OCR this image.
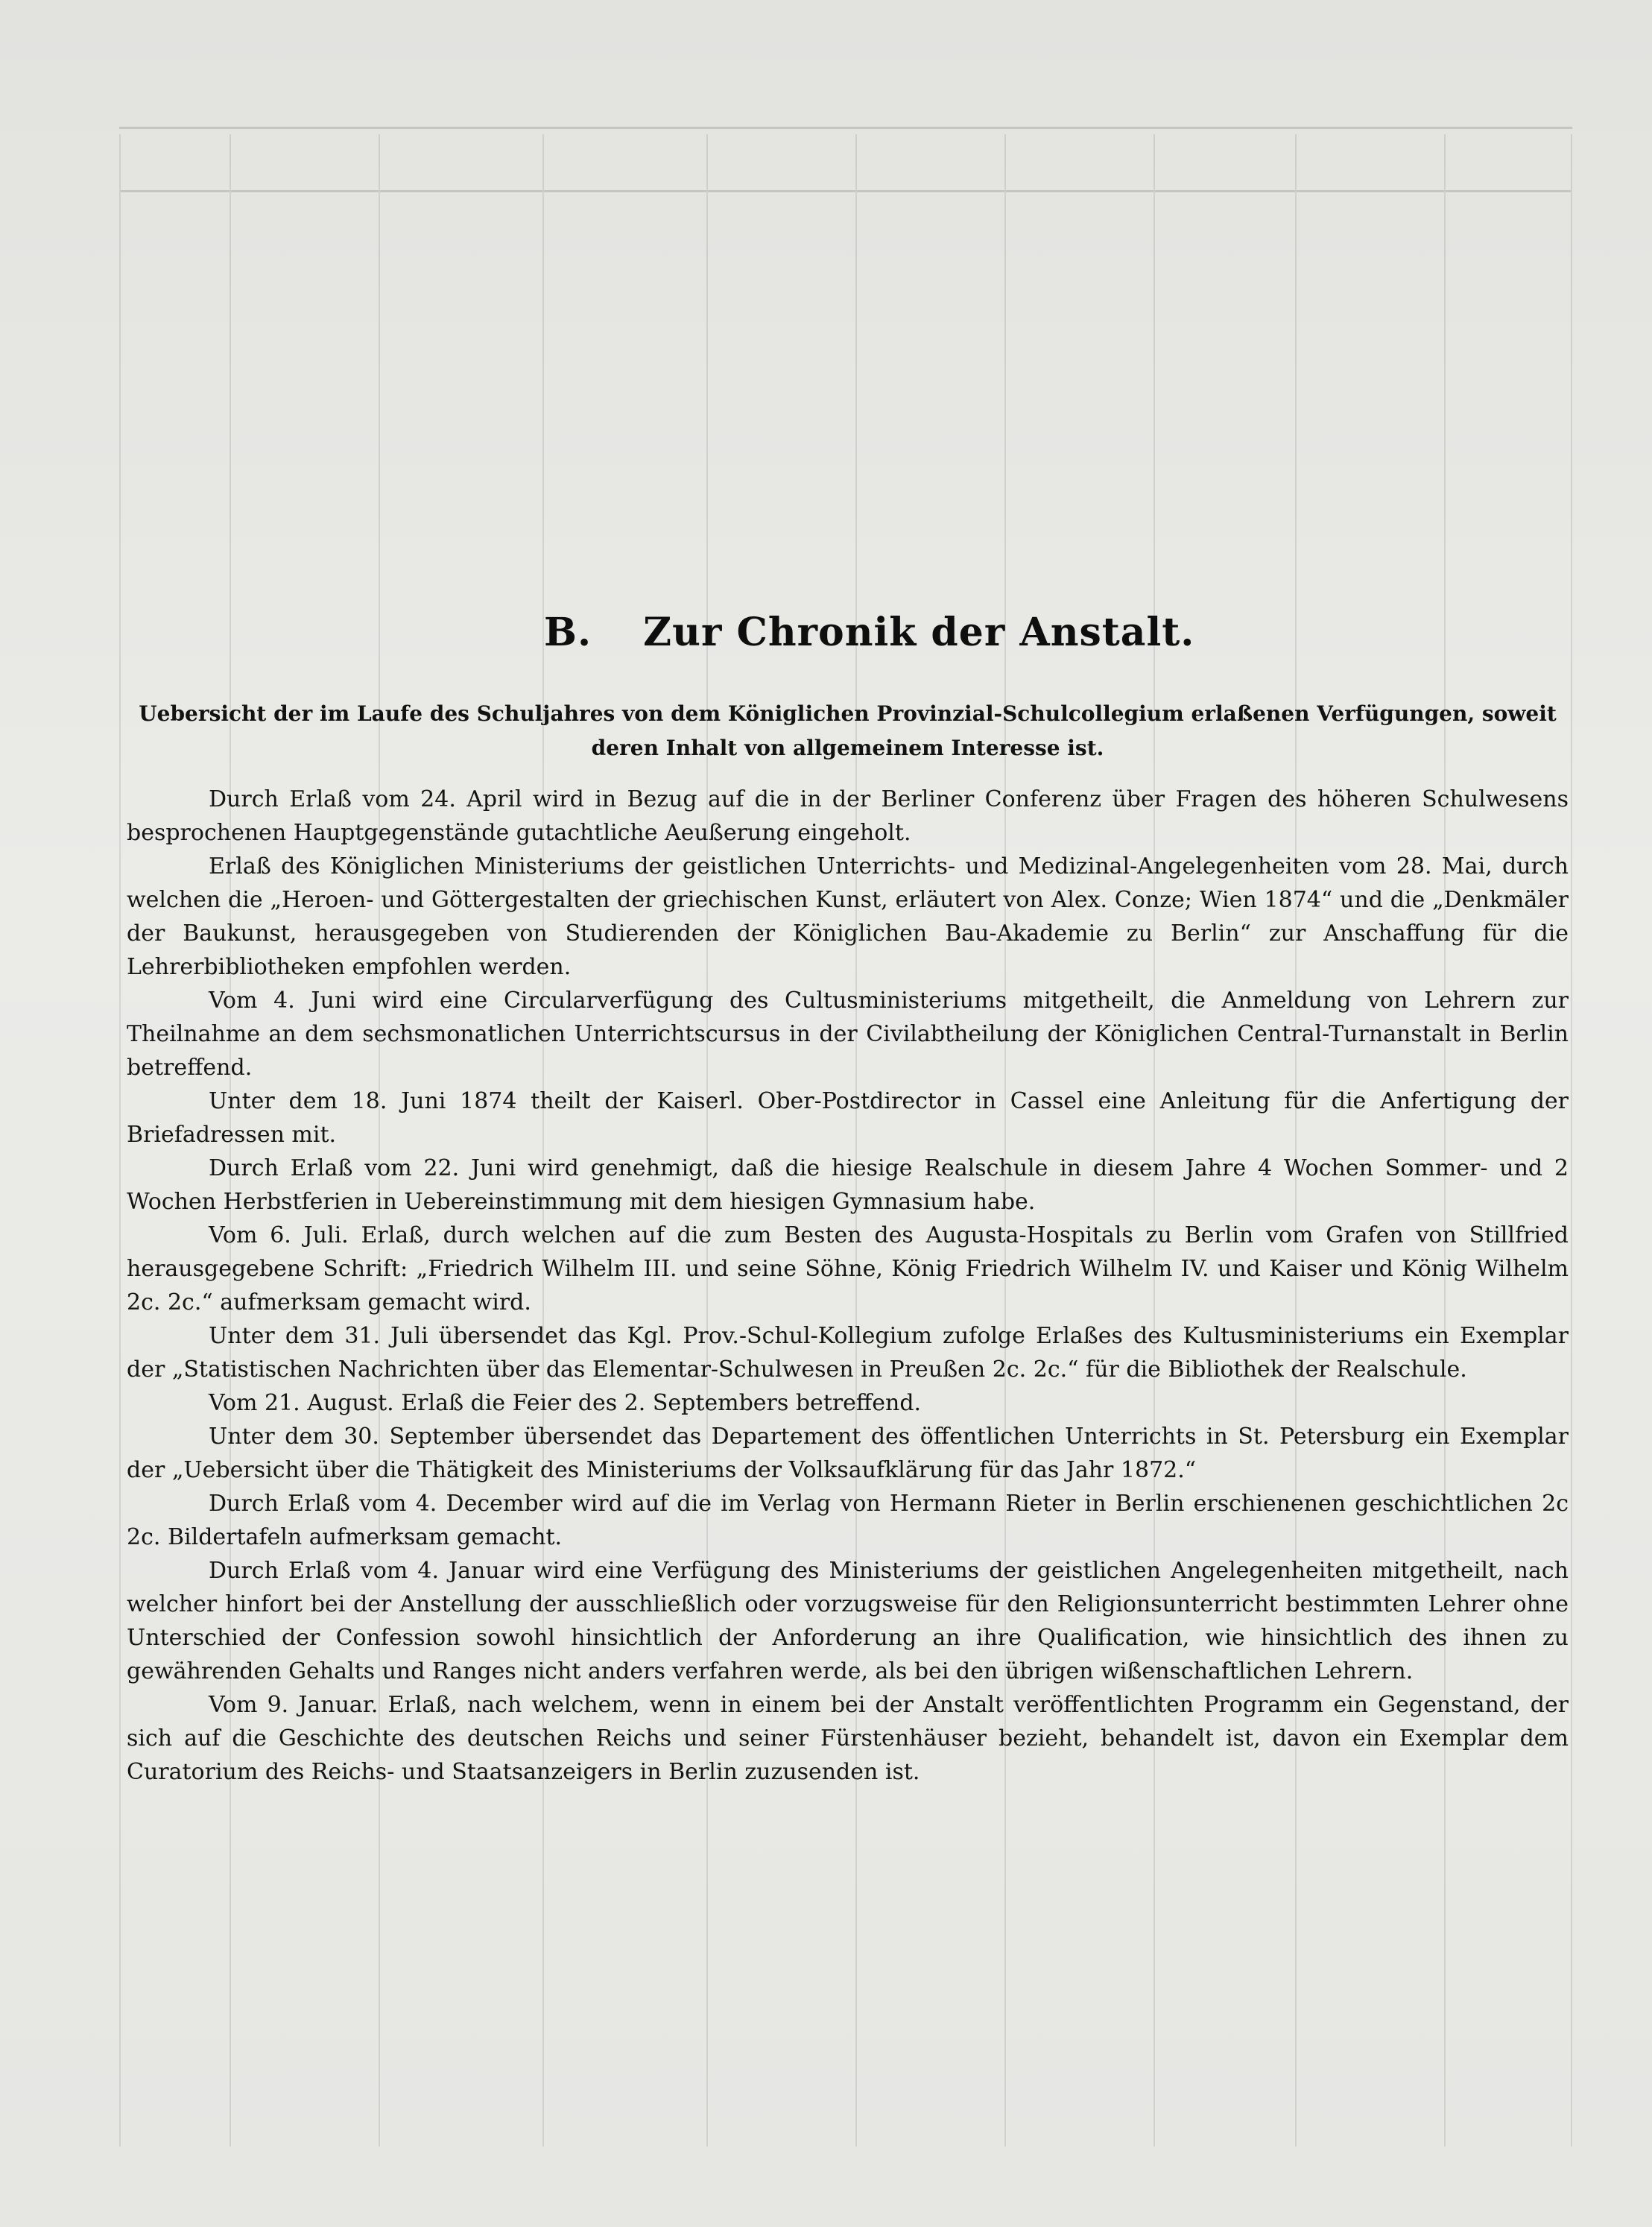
B. Zur Chronik der Anstalt.
Uebersicht der im Laufe des Schuljahres von dem Königlichen Provinzial-Schulcollegium erlaßenen Verfügungen, soweit deren Inhalt von allgemeinem Interesse ist.

Durch Erlaß vom 24. April wird in Bezug auf die in der Berliner Conferenz über Fragen des höheren Schulwesens besprochenen Hauptgegenstände gutachtliche Aeußerung eingeholt.

Erlaß des Königlichen Ministeriums der geistlichen Unterrichts- und Medizinal-Angelegenheiten vom 28. Mai, durch welchen die „Heroen- und Göttergestalten der griechischen Kunst, erläutert von Alex. Conze; Wien 1874“ und die „Denkmäler der Baukunst, herausgegeben von Studierenden der Königlichen Bau-Akademie zu Berlin“ zur Anschaffung für die Lehrerbibliotheken empfohlen werden.

Vom 4. Juni wird eine Circularverfügung des Cultusministeriums mitgetheilt, die Anmeldung von Lehrern zur Theilnahme an dem sechsmonatlichen Unterrichtscursus in der Civilabtheilung der Königlichen Central-Turnanstalt in Berlin betreffend.

Unter dem 18. Juni 1874 theilt der Kaiserl. Ober-Postdirector in Cassel eine Anleitung für die Anfertigung der Briefadressen mit.

Durch Erlaß vom 22. Juni wird genehmigt, daß die hiesige Realschule in diesem Jahre 4 Wochen Sommer- und 2 Wochen Herbstferien in Uebereinstimmung mit dem hiesigen Gymnasium habe.

Vom 6. Juli. Erlaß, durch welchen auf die zum Besten des Augusta-Hospitals zu Berlin vom Grafen von Stillfried herausgegebene Schrift: „Friedrich Wilhelm III. und seine Söhne, König Friedrich Wilhelm IV. und Kaiser und König Wilhelm 2c. 2c.“ aufmerksam gemacht wird.

Unter dem 31. Juli übersendet das Kgl. Prov.-Schul-Kollegium zufolge Erlaßes des Kultusministeriums ein Exemplar der „Statistischen Nachrichten über das Elementar-Schulwesen in Preußen 2c. 2c.“ für die Bibliothek der Realschule.

Vom 21. August. Erlaß die Feier des 2. Septembers betreffend.

Unter dem 30. September übersendet das Departement des öffentlichen Unterrichts in St. Petersburg ein Exemplar der „Uebersicht über die Thätigkeit des Ministeriums der Volksaufklärung für das Jahr 1872.“

Durch Erlaß vom 4. December wird auf die im Verlag von Hermann Rieter in Berlin erschienenen geschichtlichen 2c 2c. Bildertafeln aufmerksam gemacht.

Durch Erlaß vom 4. Januar wird eine Verfügung des Ministeriums der geistlichen Angelegenheiten mitgetheilt, nach welcher hinfort bei der Anstellung der ausschließlich oder vorzugsweise für den Religionsunterricht bestimmten Lehrer ohne Unterschied der Confession sowohl hinsichtlich der Anforderung an ihre Qualification, wie hinsichtlich des ihnen zu gewährenden Gehalts und Ranges nicht anders verfahren werde, als bei den übrigen wißenschaftlichen Lehrern.

Vom 9. Januar. Erlaß, nach welchem, wenn in einem bei der Anstalt veröffentlichten Programm ein Gegenstand, der sich auf die Geschichte des deutschen Reichs und seiner Fürstenhäuser bezieht, behandelt ist, davon ein Exemplar dem Curatorium des Reichs- und Staatsanzeigers in Berlin zuzusenden ist.
